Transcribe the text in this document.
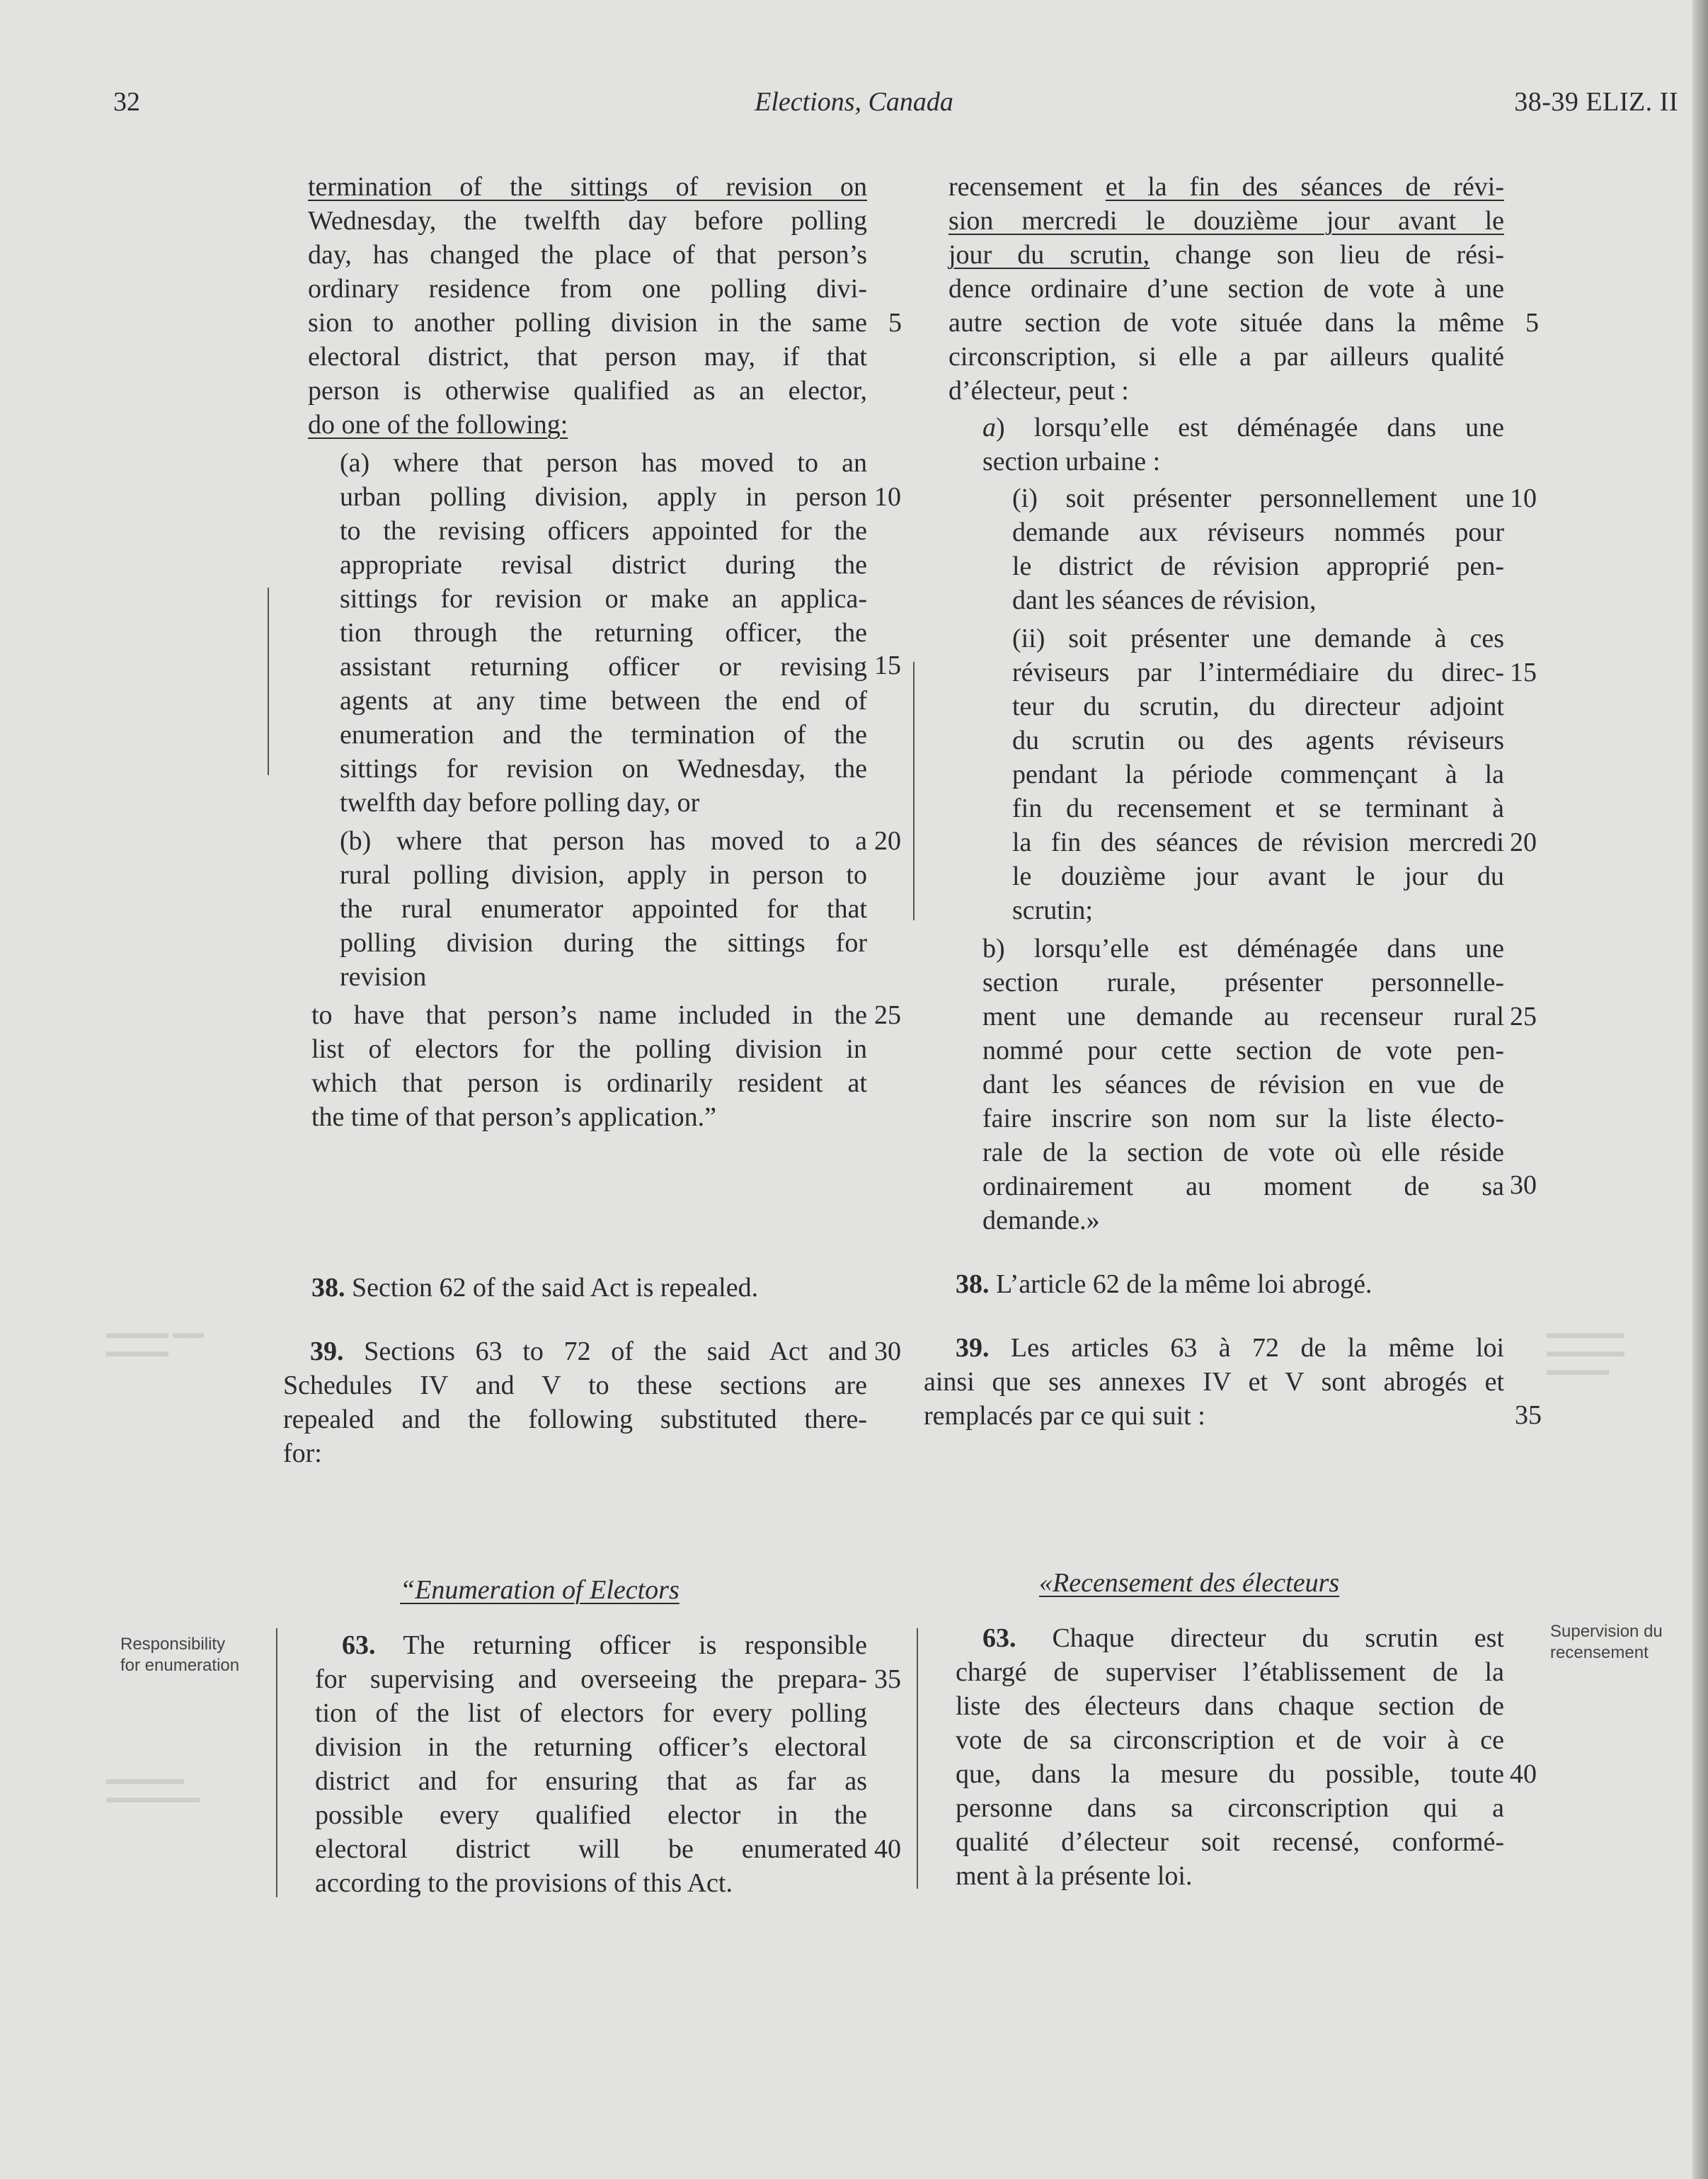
▬▬▬▬ ▬▬
▬▬▬▬
▬▬▬▬▬
▬▬▬▬▬▬
▬▬▬▬▬
▬▬▬▬▬
▬▬▬▬
32	Elections, Canada	38-39 ELIZ. II
termination of the sittings of revision on
Wednesday, the twelfth day before polling
day, has changed the place of that person’s
ordinary residence from one polling divi-
sion to another polling division in the same
electoral district, that person may, if that
person is otherwise qualified as an elector,
do one of the following:
(a) where that person has moved to an
urban polling division, apply in person
to the revising officers appointed for the
appropriate revisal district during the
sittings for revision or make an applica-
tion through the returning officer, the
assistant returning officer or revising
agents at any time between the end of
enumeration and the termination of the
sittings for revision on Wednesday, the
twelfth day before polling day, or
(b) where that person has moved to a
rural polling division, apply in person to
the rural enumerator appointed for that
polling division during the sittings for
revision
to have that person’s name included in the
list of electors for the polling division in
which that person is ordinarily resident at
the time of that person’s application.”
38. Section 62 of the said Act is repealed.
39. Sections 63 to 72 of the said Act and
Schedules IV and V to these sections are
repealed and the following substituted there-
for:
“Enumeration of Electors
63. The returning officer is responsible
for supervising and overseeing the prepara-
tion of the list of electors for every polling
division in the returning officer’s electoral
district and for ensuring that as far as
possible every qualified elector in the
electoral district will be enumerated
according to the provisions of this Act.
5
10
15
20
25
30
35
40
recensement et la fin des séances de révi-
sion mercredi le douzième jour avant le
jour du scrutin, change son lieu de rési-
dence ordinaire d’une section de vote à une
autre section de vote située dans la même
circonscription, si elle a par ailleurs qualité
d’électeur, peut :
a) lorsqu’elle est déménagée dans une
section urbaine :
(i) soit présenter personnellement une
demande aux réviseurs nommés pour
le district de révision approprié pen-
dant les séances de révision,
(ii) soit présenter une demande à ces
réviseurs par l’intermédiaire du direc-
teur du scrutin, du directeur adjoint
du scrutin ou des agents réviseurs
pendant la période commençant à la
fin du recensement et se terminant à
la fin des séances de révision mercredi
le douzième jour avant le jour du
scrutin;
b) lorsqu’elle est déménagée dans une
section rurale, présenter personnelle-
ment une demande au recenseur rural
nommé pour cette section de vote pen-
dant les séances de révision en vue de
faire inscrire son nom sur la liste électo-
rale de la section de vote où elle réside
ordinairement au moment de sa
demande.»
38. L’article 62 de la même loi abrogé.
39. Les articles 63 à 72 de la même loi
ainsi que ses annexes IV et V sont abrogés et
remplacés par ce qui suit :
«Recensement des électeurs
63. Chaque directeur du scrutin est
chargé de superviser l’établissement de la
liste des électeurs dans chaque section de
vote de sa circonscription et de voir à ce
que, dans la mesure du possible, toute
personne dans sa circonscription qui a
qualité d’électeur soit recensé, conformé-
ment à la présente loi.
5
10
15
20
25
30
35
40
Responsibility
for enumeration
Supervision du
recensement
